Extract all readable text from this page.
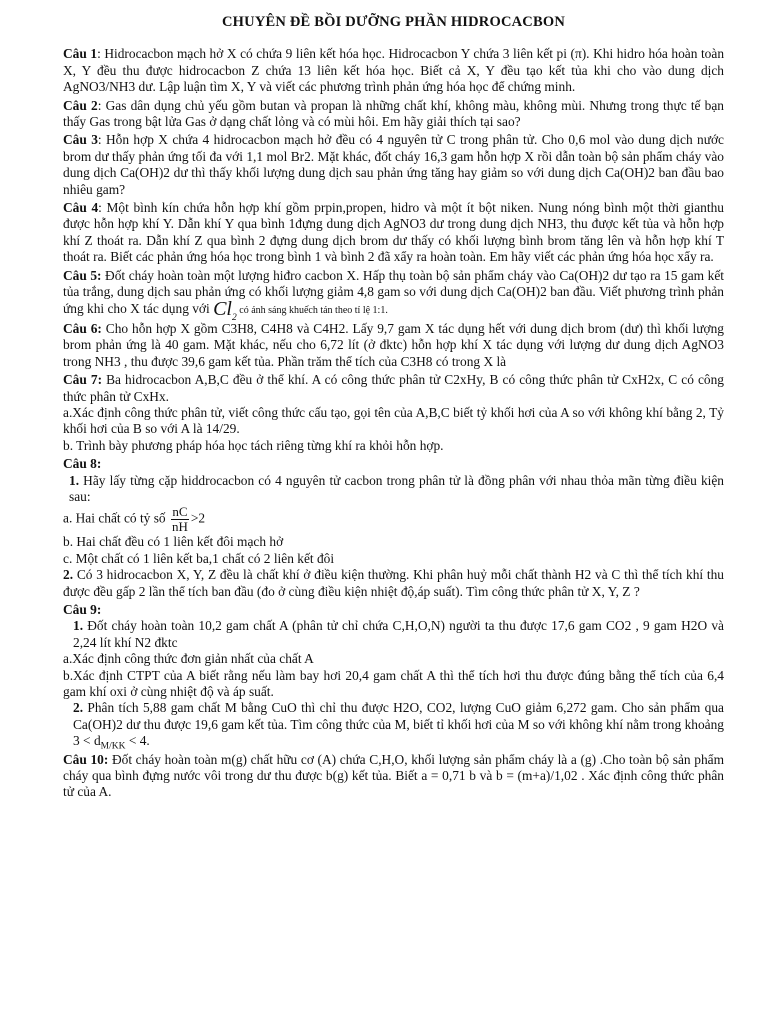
CHUYÊN ĐỀ BỒI DƯỠNG PHẦN HIDROCACBON

Câu 1: Hidrocacbon mạch hở X có chứa 9 liên kết hóa học. Hidrocacbon Y chứa 3 liên kết pi (π). Khi hidro hóa hoàn toàn X, Y đều thu được hidrocacbon Z chứa 13 liên kết hóa học. Biết cả X, Y đều tạo kết tủa khi cho vào dung dịch AgNO3/NH3 dư. Lập luận tìm X, Y và viết các phương trình phản ứng hóa học để chứng minh.

Câu 2: Gas dân dụng chủ yếu gồm butan và propan là những chất khí, không màu, không mùi. Nhưng trong thực tế bạn thấy Gas trong bật lửa Gas ở dạng chất lỏng và có mùi hôi. Em hãy giải thích tại sao?

Câu 3: Hỗn hợp X chứa 4 hidrocacbon mạch hở đều có 4 nguyên tử C trong phân tử. Cho 0,6 mol vào dung dịch nước brom dư thấy phản ứng tối đa với 1,1 mol Br2. Mặt khác, đốt cháy 16,3 gam hỗn hợp X rồi dẫn toàn bộ sản phẩm cháy vào dung dịch Ca(OH)2 dư thì thấy khối lượng dung dịch sau phản ứng tăng hay giảm so với dung dịch Ca(OH)2 ban đầu bao nhiêu gam?

Câu 4: Một bình kín chứa hỗn hợp khí gồm prpin,propen, hidro và một ít bột niken. Nung nóng bình một thời gianthu được hỗn hợp khí Y. Dẫn khí Y qua bình 1đựng dung dịch AgNO3 dư trong dung dịch NH3, thu được kết tủa và hỗn hợp khí Z thoát ra. Dẫn khí Z qua bình 2 đựng dung dịch brom dư thấy có khối lượng bình brom tăng lên và hỗn hợp khí T thoát ra. Biết các phản ứng hóa học trong bình 1 và bình 2 đã xẩy ra hoàn toàn. Em hãy viết các phản ứng hóa học xẩy ra.

Câu 5: Đốt cháy hoàn toàn một lượng hiđro cacbon X. Hấp thụ toàn bộ sản phẩm cháy vào Ca(OH)2 dư tạo ra 15 gam kết tủa trắng, dung dịch sau phản ứng có khối lượng giảm 4,8 gam so với dung dịch Ca(OH)2 ban đầu. Viết phương trình phản ứng khi cho X tác dụng với $Cl_2$ có ánh sáng khuếch tán theo tỉ lệ 1:1.

Câu 6: Cho hỗn hợp X gồm C3H8, C4H8 và C4H2. Lấy 9,7 gam X tác dụng hết với dung dịch brom (dư) thì khối lượng brom phản ứng là 40 gam. Mặt khác, nếu cho 6,72 lít (ở đktc) hỗn hợp khí X tác dụng với lượng dư dung dịch AgNO3 trong NH3 , thu được 39,6 gam kết tủa. Phần trăm thể tích của C3H8 có trong X là

Câu 7: Ba hidrocacbon A,B,C đều ở thể khí. A có công thức phân tử C2xHy, B có công thức phân tử CxH2x, C có công thức phân tử CxHx.

a.Xác định công thức phân tử, viết công thức cấu tạo, gọi tên của A,B,C biết tỷ khối hơi của A so với không khí bằng 2, Tỷ khối hơi của B so với A là 14/29.

b. Trình bày phương pháp hóa học tách riêng từng khí ra khỏi hỗn hợp.

Câu 8:

1. Hãy lấy từng cặp hiddrocacbon có 4 nguyên tử cacbon trong phân tử là đồng phân với nhau thỏa mãn từng điều kiện sau:

a. Hai chất có tỷ số $\frac{nC}{nH} >2$

b. Hai chất đều có 1 liên kết đôi mạch hở

c. Một chất có 1 liên kết ba,1 chất có 2 liên kết đôi

2. Có 3 hidrocacbon X, Y, Z đều là chất khí ở điều kiện thường. Khi phân huỷ mỗi chất thành H2 và C thì thể tích khí thu được đều gấp 2 lần thể tích ban đầu (đo ở cùng điều kiện nhiệt độ,áp suất). Tìm công thức phân tử X, Y, Z ?

Câu 9:

1. Đốt cháy hoàn toàn 10,2 gam chất A (phân tử chỉ chứa C,H,O,N) người ta thu được 17,6 gam CO2 , 9 gam H2O và 2,24 lít khí N2 đktc

a.Xác định công thức đơn giản nhất của chất A

b.Xác định CTPT của A biết rằng nếu làm bay hơi 20,4 gam chất A thì thể tích hơi thu được đúng bằng thể tích của 6,4 gam khí oxi ở cùng nhiệt độ và áp suất.

2. Phân tích 5,88 gam chất M bằng CuO thì chỉ thu được H2O, CO2, lượng CuO giảm 6,272 gam. Cho sản phẩm qua Ca(OH)2 dư thu được 19,6 gam kết tủa. Tìm công thức của M, biết tỉ khối hơi của M so với không khí nằm trong khoảng $3 < d_{M/KK} < 4$.

Câu 10: Đốt cháy hoàn toàn m(g) chất hữu cơ (A) chứa C,H,O, khối lượng sản phẩm cháy là a (g) .Cho toàn bộ sản phẩm cháy qua bình đựng nước vôi trong dư thu được b(g) kết tủa. Biết a = 0,71 b và b = (m+a)/1,02 . Xác định công thức phân tử của A.
